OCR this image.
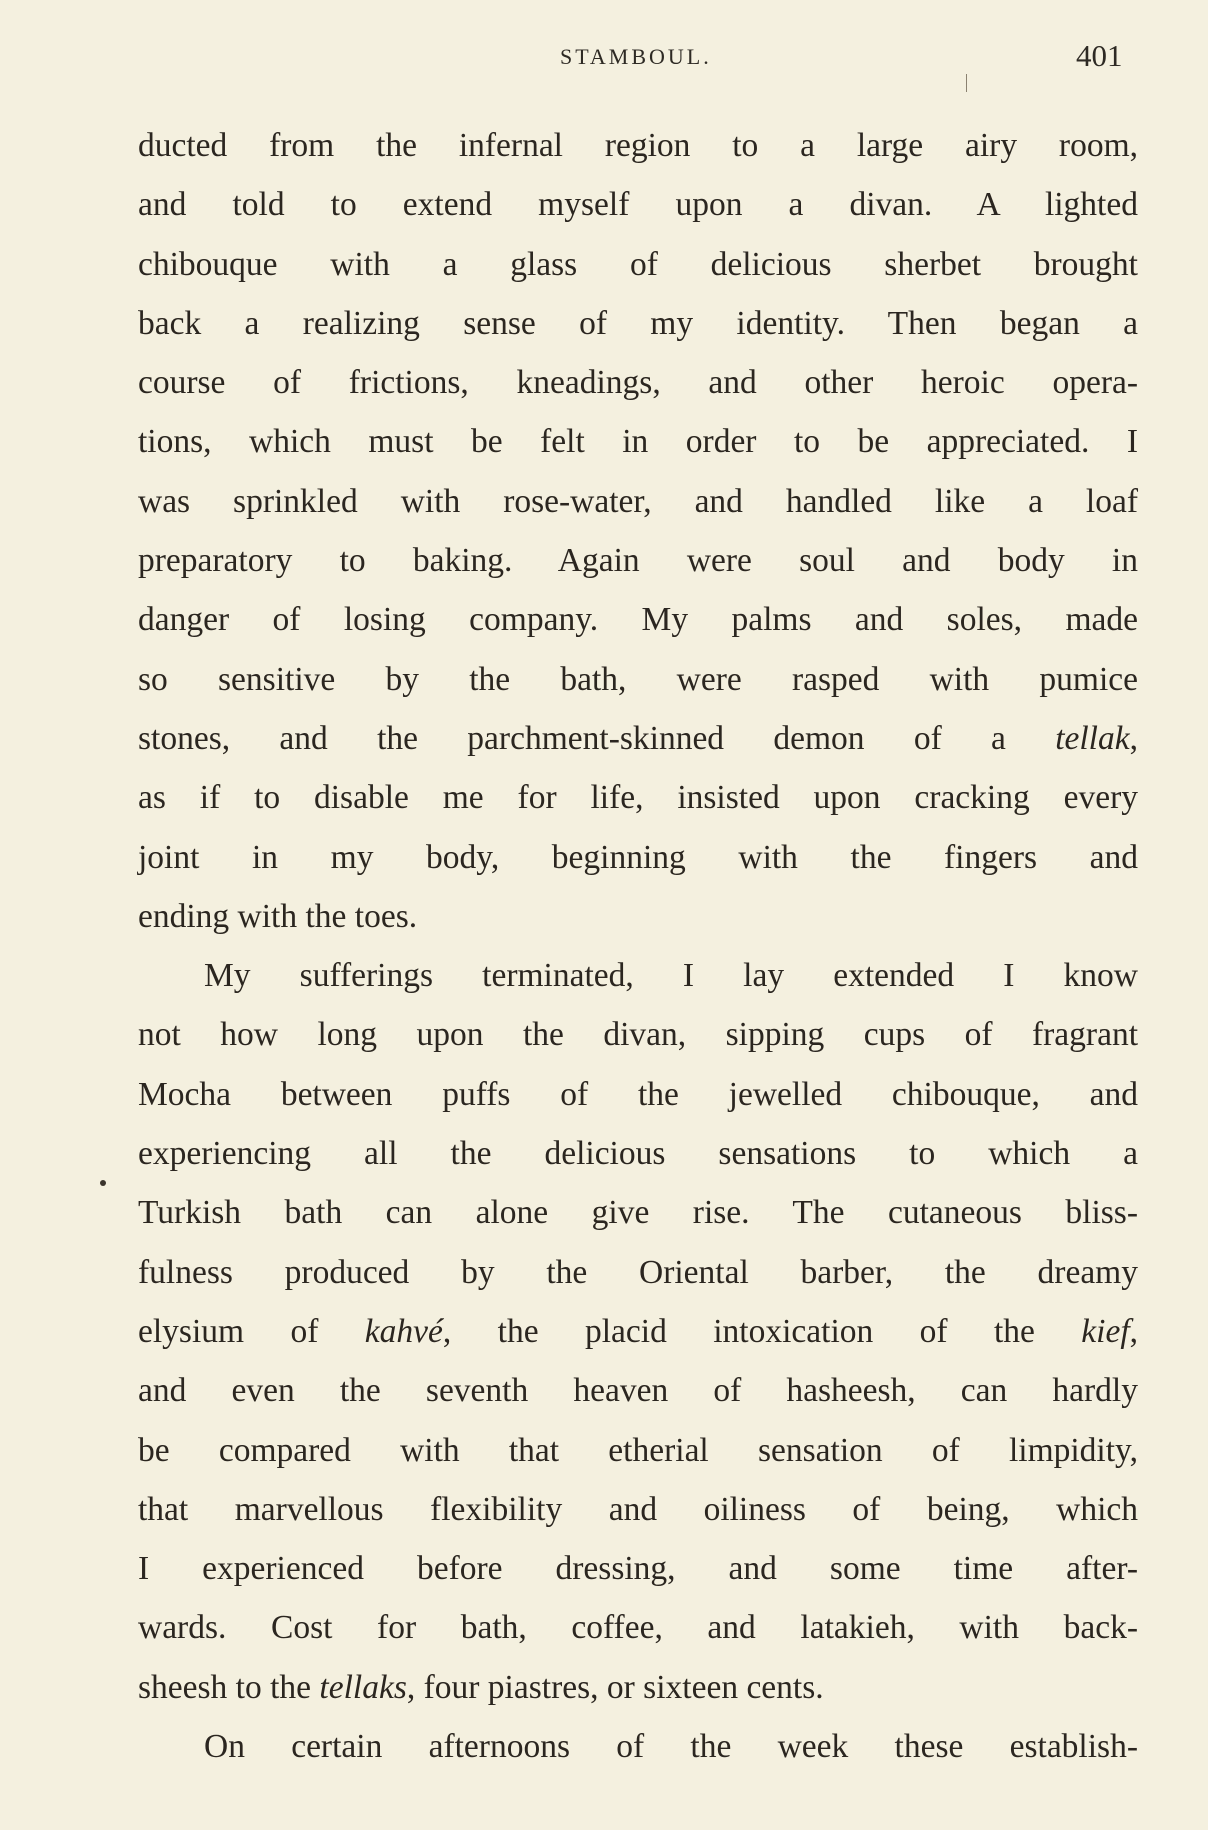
STAMBOUL.	401
ducted from the infernal region to a large airy room,
and told to extend myself upon a divan. A lighted
chibouque with a glass of delicious sherbet brought
back a realizing sense of my identity. Then began a
course of frictions, kneadings, and other heroic opera-
tions, which must be felt in order to be appreciated. I
was sprinkled with rose-water, and handled like a loaf
preparatory to baking. Again were soul and body in
danger of losing company. My palms and soles, made
so sensitive by the bath, were rasped with pumice
stones, and the parchment-skinned demon of a tellak,
as if to disable me for life, insisted upon cracking every
joint in my body, beginning with the fingers and
ending with the toes.
My sufferings terminated, I lay extended I know
not how long upon the divan, sipping cups of fragrant
Mocha between puffs of the jewelled chibouque, and
experiencing all the delicious sensations to which a
Turkish bath can alone give rise. The cutaneous bliss-
fulness produced by the Oriental barber, the dreamy
elysium of kahvé, the placid intoxication of the kief,
and even the seventh heaven of hasheesh, can hardly
be compared with that etherial sensation of limpidity,
that marvellous flexibility and oiliness of being, which
I experienced before dressing, and some time after-
wards. Cost for bath, coffee, and latakieh, with back-
sheesh to the tellaks, four piastres, or sixteen cents.
On certain afternoons of the week these establish-
